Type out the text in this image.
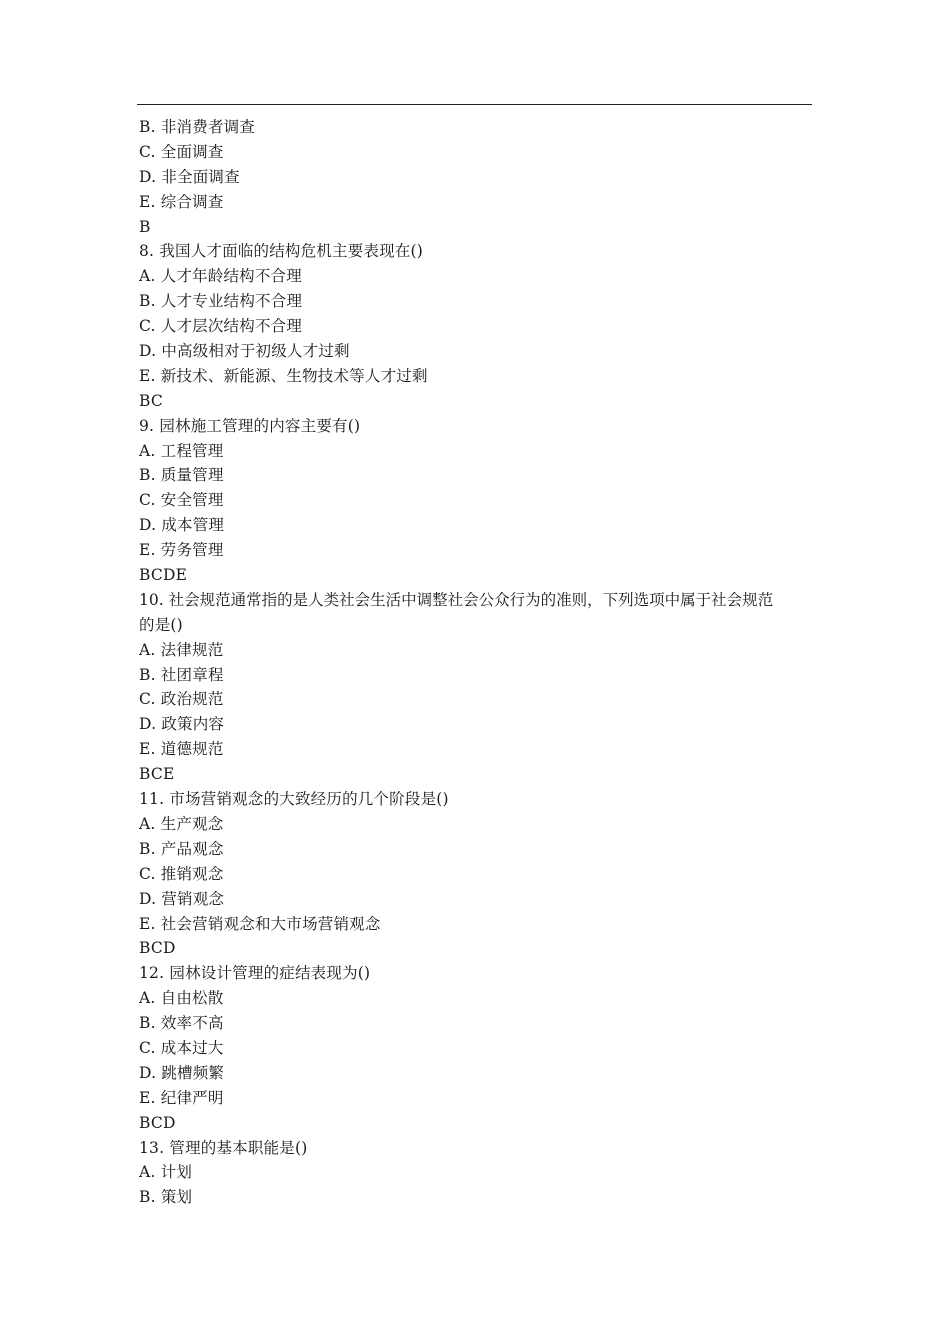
B. 非消费者调查
C. 全面调查
D. 非全面调查
E. 综合调查
B
8. 我国人才面临的结构危机主要表现在()
A. 人才年龄结构不合理
B. 人才专业结构不合理
C. 人才层次结构不合理
D. 中高级相对于初级人才过剩
E. 新技术、新能源、生物技术等人才过剩
BC
9. 园林施工管理的内容主要有()
A. 工程管理
B. 质量管理
C. 安全管理
D. 成本管理
E. 劳务管理
BCDE
10. 社会规范通常指的是人类社会生活中调整社会公众行为的准则，下列选项中属于社会规范
的是()
A. 法律规范
B. 社团章程
C. 政治规范
D. 政策内容
E. 道德规范
BCE
11. 市场营销观念的大致经历的几个阶段是()
A. 生产观念
B. 产品观念
C. 推销观念
D. 营销观念
E. 社会营销观念和大市场营销观念
BCD
12. 园林设计管理的症结表现为()
A. 自由松散
B. 效率不高
C. 成本过大
D. 跳槽频繁
E. 纪律严明
BCD
13. 管理的基本职能是()
A. 计划
B. 策划
